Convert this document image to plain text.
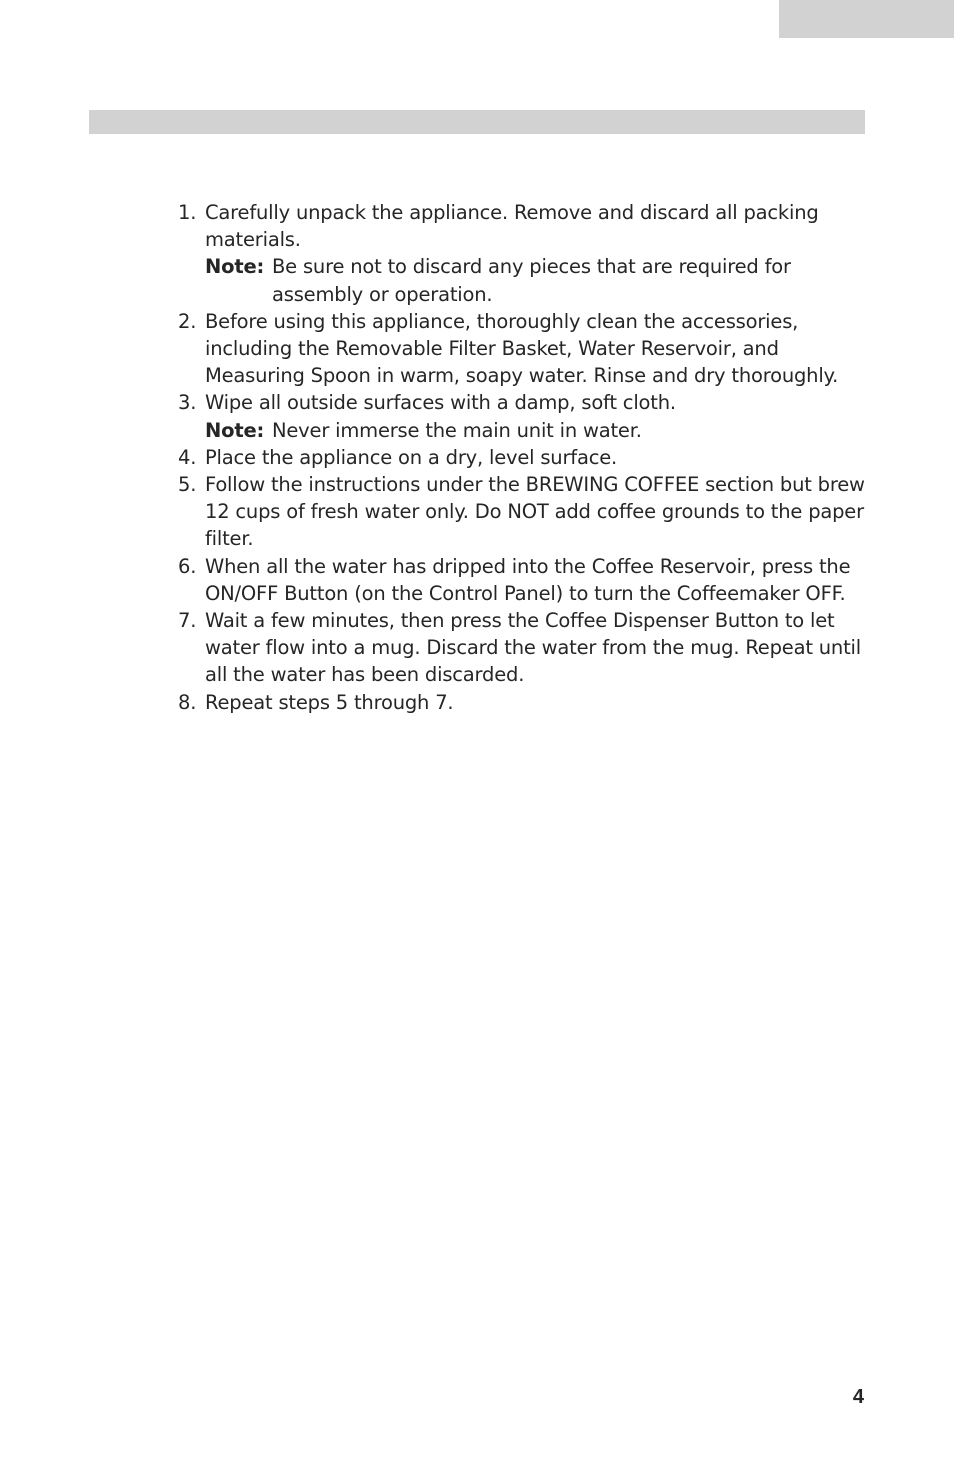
1. Carefully unpack the appliance. Remove and discard all packing materials.
Note: Be sure not to discard any pieces that are required for assembly or operation.
2. Before using this appliance, thoroughly clean the accessories, including the Removable Filter Basket, Water Reservoir, and Measuring Spoon in warm, soapy water. Rinse and dry thoroughly.
3. Wipe all outside surfaces with a damp, soft cloth.
Note: Never immerse the main unit in water.
4. Place the appliance on a dry, level surface.
5. Follow the instructions under the BREWING COFFEE section but brew 12 cups of fresh water only. Do NOT add coffee grounds to the paper filter.
6. When all the water has dripped into the Coffee Reservoir, press the ON/OFF Button (on the Control Panel) to turn the Coffeemaker OFF.
7. Wait a few minutes, then press the Coffee Dispenser Button to let water flow into a mug. Discard the water from the mug. Repeat until all the water has been discarded.
8. Repeat steps 5 through 7.
4
